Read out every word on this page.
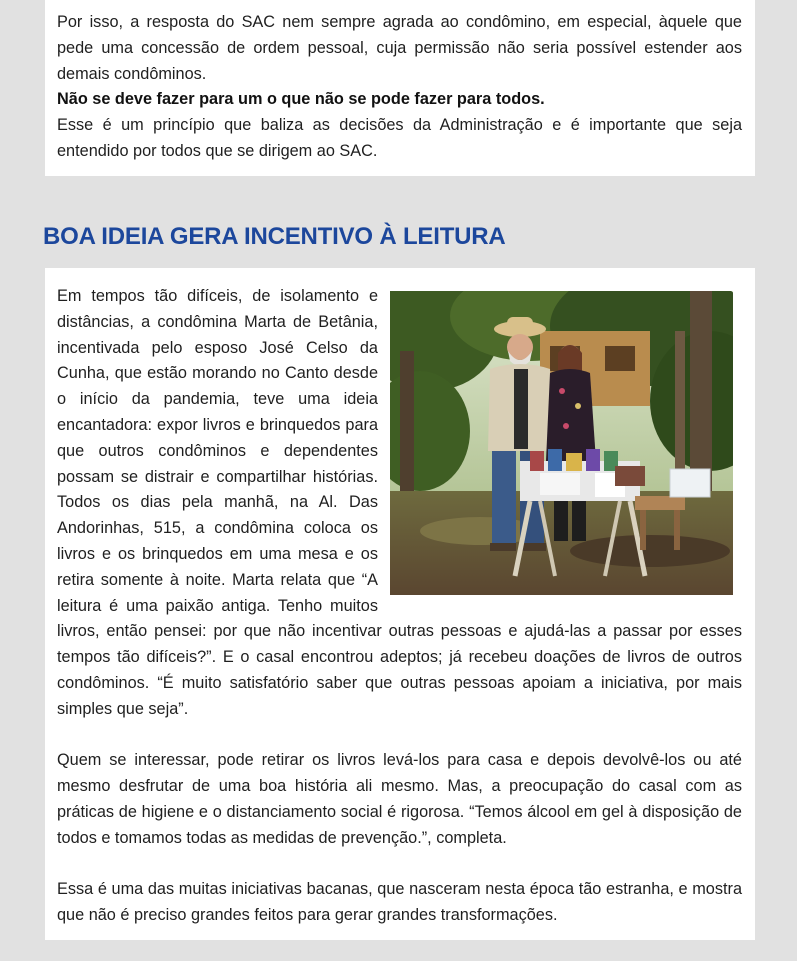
Por isso, a resposta do SAC nem sempre agrada ao condômino, em especial, àquele que pede uma concessão de ordem pessoal, cuja permissão não seria possível estender aos demais condôminos.

Não se deve fazer para um o que não se pode fazer para todos.

Esse é um princípio que baliza as decisões da Administração e é importante que seja entendido por todos que se dirigem ao SAC.

BOA IDEIA GERA INCENTIVO À LEITURA

Em tempos tão difíceis, de isolamento e distâncias, a condômina Marta de Betânia, incentivada pelo esposo José Celso da Cunha, que estão morando no Canto desde o início da pandemia, teve uma ideia encantadora: expor livros e brinquedos para que outros condôminos e dependentes possam se distrair e compartilhar histórias. Todos os dias pela manhã, na Al. Das Andorinhas, 515, a condômina coloca os livros e os brinquedos em uma mesa e os retira somente à noite. Marta relata que “A leitura é uma paixão antiga. Tenho muitos livros, então pensei: por que não incentivar outras pessoas e ajudá-las a passar por esses tempos tão difíceis?”. E o casal encontrou adeptos; já recebeu doações de livros de outros condôminos. “É muito satisfatório saber que outras pessoas apoiam a iniciativa, por mais simples que seja”.

Quem se interessar, pode retirar os livros levá-los para casa e depois devolvê-los ou até mesmo desfrutar de uma boa história ali mesmo. Mas, a preocupação do casal com as práticas de higiene e o distanciamento social é rigorosa. “Temos álcool em gel à disposição de todos e tomamos todas as medidas de prevenção.”, completa.

Essa é uma das muitas iniciativas bacanas, que nasceram nesta época tão estranha, e mostra que não é preciso grandes feitos para gerar grandes transformações.
